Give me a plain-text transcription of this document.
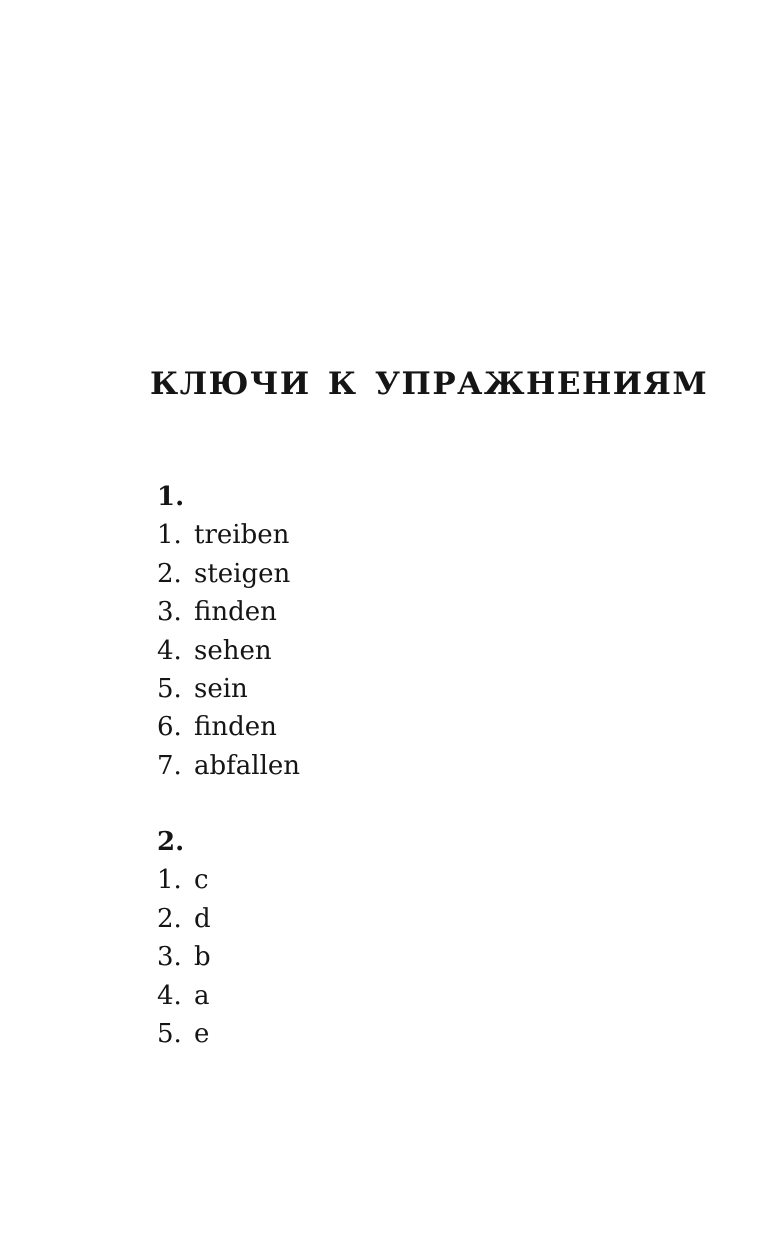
КЛЮЧИ К УПРАЖНЕНИЯМ
1.
1. treiben
2. steigen
3. finden
4. sehen
5. sein
6. finden
7. abfallen
2.
1. c
2. d
3. b
4. a
5. e
